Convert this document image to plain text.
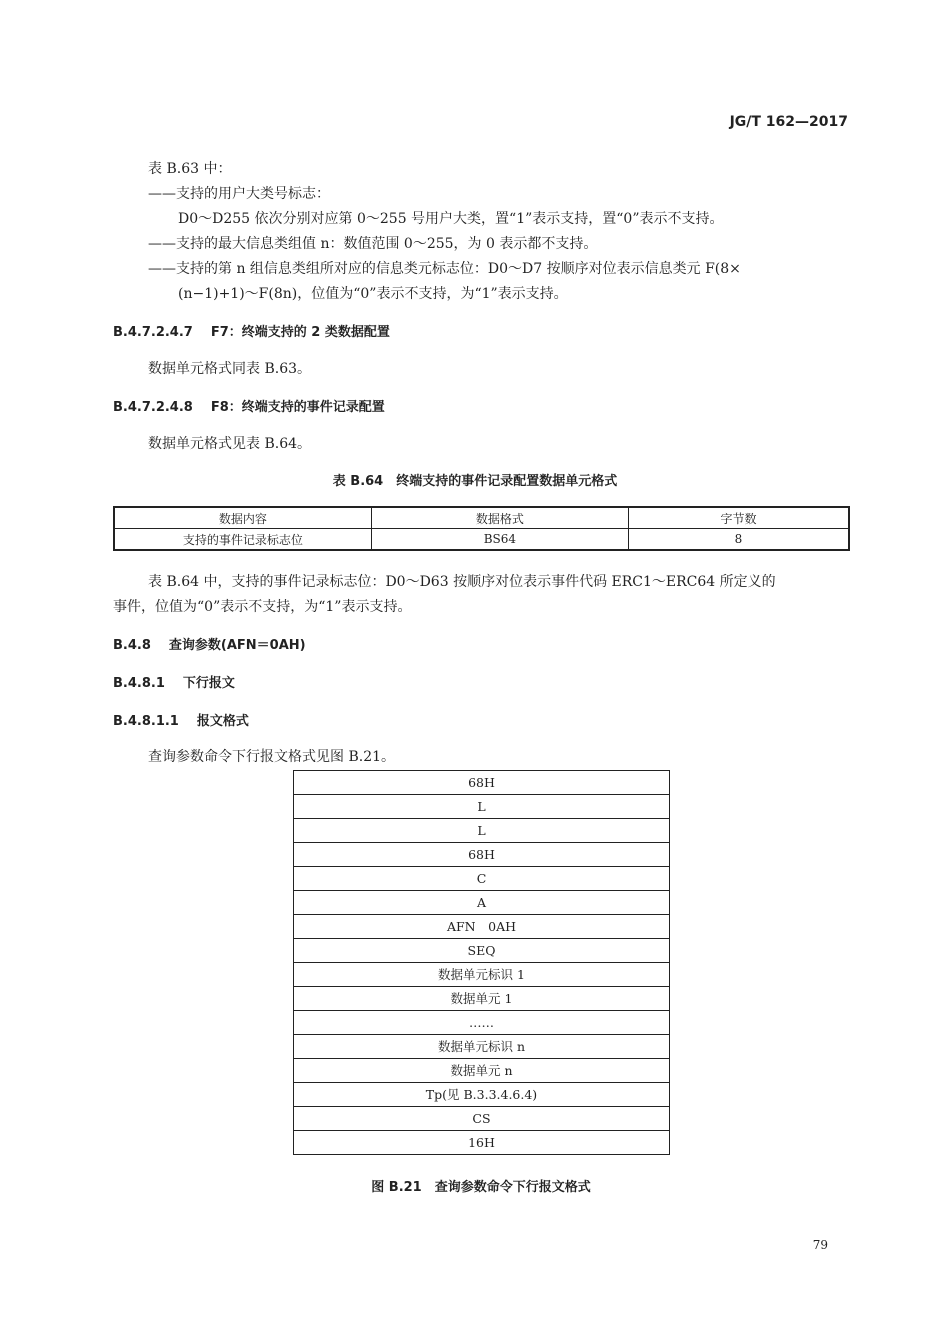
JG/T 162—2017
表 B.63 中：
——支持的用户大类号标志：
D0～D255 依次分别对应第 0～255 号用户大类，置“1”表示支持，置“0”表示不支持。
——支持的最大信息类组值 n：数值范围 0～255，为 0 表示都不支持。
——支持的第 n 组信息类组所对应的信息类元标志位：D0～D7 按顺序对位表示信息类元 F(8×
(n−1)+1)～F(8n)，位值为“0”表示不支持，为“1”表示支持。
B.4.7.2.4.7 F7：终端支持的 2 类数据配置
数据单元格式同表 B.63。
B.4.7.2.4.8 F8：终端支持的事件记录配置
数据单元格式见表 B.64。
表 B.64　终端支持的事件记录配置数据单元格式
数据内容	数据格式	字节数
支持的事件记录标志位	BS64	8
表 B.64 中，支持的事件记录标志位：D0～D63 按顺序对位表示事件代码 ERC1～ERC64 所定义的
事件，位值为“0”表示不支持，为“1”表示支持。
B.4.8 查询参数(AFN＝0AH)
B.4.8.1 下行报文
B.4.8.1.1 报文格式
查询参数命令下行报文格式见图 B.21。
68H
L
L
68H
C
A
AFN　0AH
SEQ
数据单元标识 1
数据单元 1
……
数据单元标识 n
数据单元 n
Tp(见 B.3.3.4.6.4)
CS
16H
图 B.21　查询参数命令下行报文格式
79
